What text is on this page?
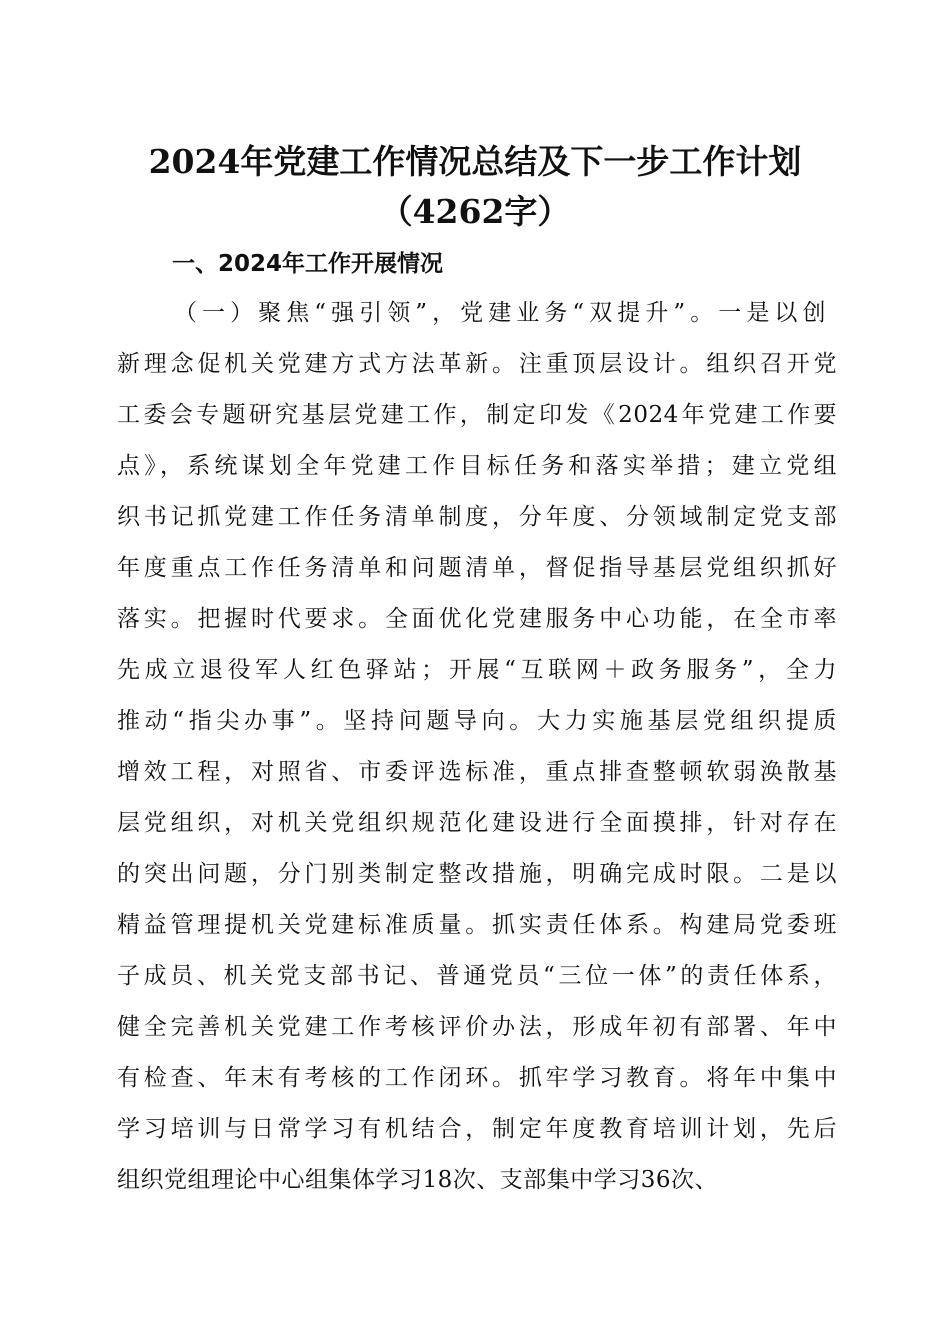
2024年党建工作情况总结及下一步工作计划
（4262字）
一、2024年工作开展情况
（一）聚焦“强引领”，党建业务“双提升”。一是以创
新理念促机关党建方式方法革新。注重顶层设计。组织召开党
工委会专题研究基层党建工作，制定印发《2024年党建工作要
点》，系统谋划全年党建工作目标任务和落实举措；建立党组
织书记抓党建工作任务清单制度，分年度、分领域制定党支部
年度重点工作任务清单和问题清单，督促指导基层党组织抓好
落实。把握时代要求。全面优化党建服务中心功能，在全市率
先成立退役军人红色驿站；开展“互联网＋政务服务”，全力
推动“指尖办事”。坚持问题导向。大力实施基层党组织提质
增效工程，对照省、市委评选标准，重点排查整顿软弱涣散基
层党组织，对机关党组织规范化建设进行全面摸排，针对存在
的突出问题，分门别类制定整改措施，明确完成时限。二是以
精益管理提机关党建标准质量。抓实责任体系。构建局党委班
子成员、机关党支部书记、普通党员“三位一体”的责任体系，
健全完善机关党建工作考核评价办法，形成年初有部署、年中
有检查、年末有考核的工作闭环。抓牢学习教育。将年中集中
学习培训与日常学习有机结合，制定年度教育培训计划，先后
组织党组理论中心组集体学习18次、支部集中学习36次、
